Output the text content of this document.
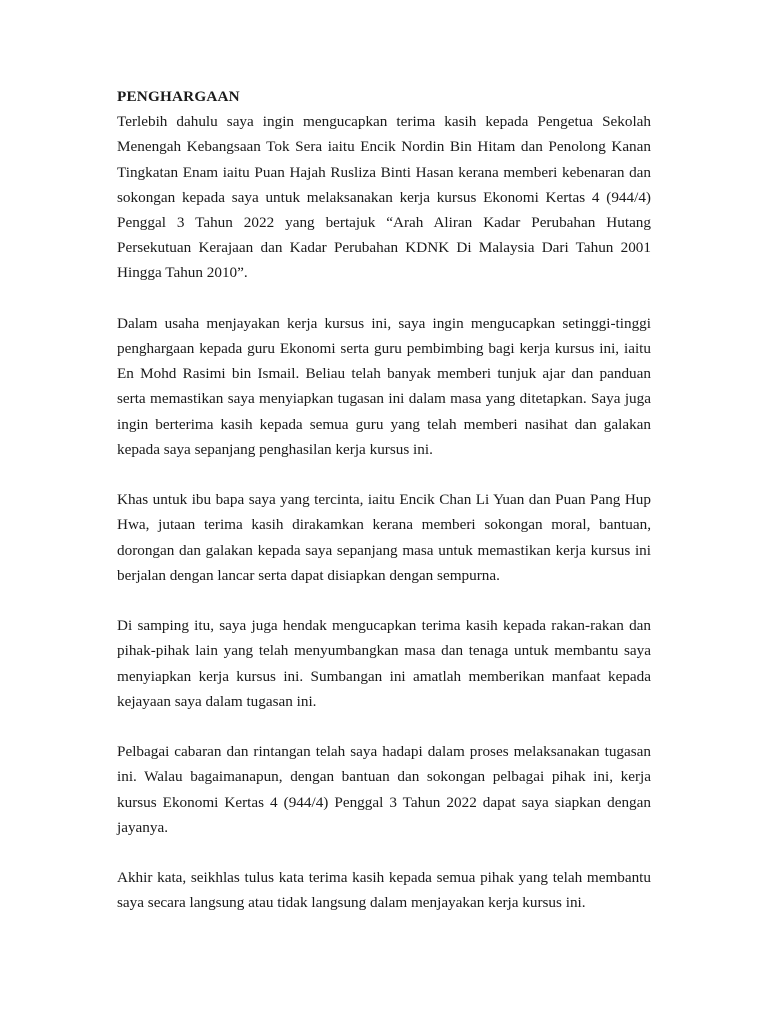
PENGHARGAAN

Terlebih dahulu saya ingin mengucapkan terima kasih kepada Pengetua Sekolah Menengah Kebangsaan Tok Sera iaitu Encik Nordin Bin Hitam dan Penolong Kanan Tingkatan Enam iaitu Puan Hajah Rusliza Binti Hasan kerana memberi kebenaran dan sokongan kepada saya untuk melaksanakan kerja kursus Ekonomi Kertas 4 (944/4) Penggal 3 Tahun 2022 yang bertajuk “Arah Aliran Kadar Perubahan Hutang Persekutuan Kerajaan dan Kadar Perubahan KDNK Di Malaysia Dari Tahun 2001 Hingga Tahun 2010”.

Dalam usaha menjayakan kerja kursus ini, saya ingin mengucapkan setinggi-tinggi penghargaan kepada guru Ekonomi serta guru pembimbing bagi kerja kursus ini, iaitu En Mohd Rasimi bin Ismail. Beliau telah banyak memberi tunjuk ajar dan panduan serta memastikan saya menyiapkan tugasan ini dalam masa yang ditetapkan. Saya juga ingin berterima kasih kepada semua guru yang telah memberi nasihat dan galakan kepada saya sepanjang penghasilan kerja kursus ini.

Khas untuk ibu bapa saya yang tercinta, iaitu Encik Chan Li Yuan dan Puan Pang Hup Hwa, jutaan terima kasih dirakamkan kerana memberi sokongan moral, bantuan, dorongan dan galakan kepada saya sepanjang masa untuk memastikan kerja kursus ini berjalan dengan lancar serta dapat disiapkan dengan sempurna.

Di samping itu, saya juga hendak mengucapkan terima kasih kepada rakan-rakan dan pihak-pihak lain yang telah menyumbangkan masa dan tenaga untuk membantu saya menyiapkan kerja kursus ini. Sumbangan ini amatlah memberikan manfaat kepada kejayaan saya dalam tugasan ini.

Pelbagai cabaran dan rintangan telah saya hadapi dalam proses melaksanakan tugasan ini. Walau bagaimanapun, dengan bantuan dan sokongan pelbagai pihak ini, kerja kursus Ekonomi Kertas 4 (944/4) Penggal 3 Tahun 2022 dapat saya siapkan dengan jayanya.

Akhir kata, seikhlas tulus kata terima kasih kepada semua pihak yang telah membantu saya secara langsung atau tidak langsung dalam menjayakan kerja kursus ini.
